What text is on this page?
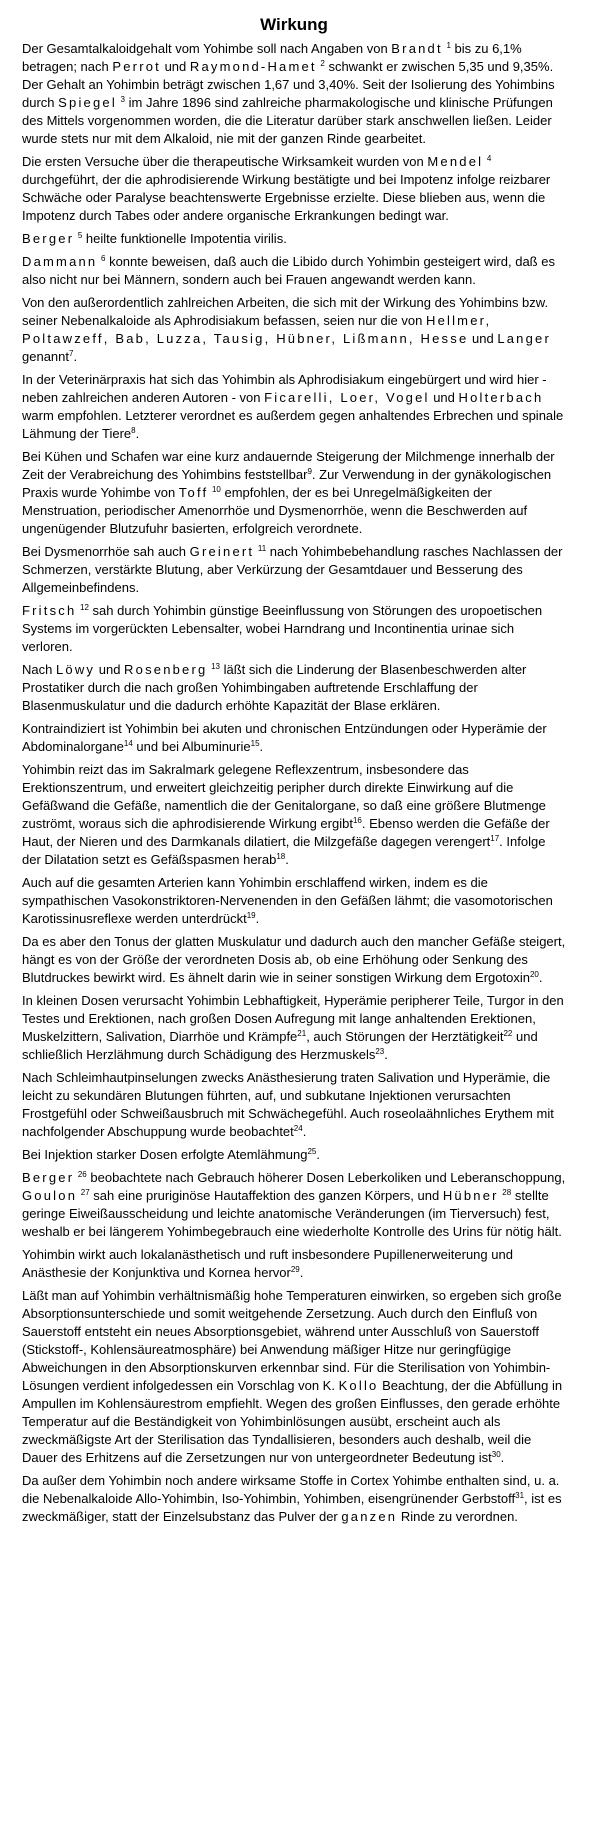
Wirkung

Der Gesamtalkaloidgehalt vom Yohimbe soll nach Angaben von Brandt $^1$ bis zu 6,1% betragen; nach Perrot und Raymond-Hamet $^2$ schwankt er zwischen 5,35 und 9,35%. Der Gehalt an Yohimbin beträgt zwischen 1,67 und 3,40%. Seit der Isolierung des Yohimbins durch Spiegel $^3$ im Jahre 1896 sind zahlreiche pharmakologische und klinische Prüfungen des Mittels vorgenommen worden, die die Literatur darüber stark anschwellen ließen. Leider wurde stets nur mit dem Alkaloid, nie mit der ganzen Rinde gearbeitet.

Die ersten Versuche über die therapeutische Wirksamkeit wurden von Mendel $^4$ durchgeführt, der die aphrodisierende Wirkung bestätigte und bei Impotenz infolge reizbarer Schwäche oder Paralyse beachtenswerte Ergebnisse erzielte. Diese blieben aus, wenn die Impotenz durch Tabes oder andere organische Erkrankungen bedingt war.

Berger $^5$ heilte funktionelle Impotentia virilis.

Dammann $^6$ konnte beweisen, daß auch die Libido durch Yohimbin gesteigert wird, daß es also nicht nur bei Männern, sondern auch bei Frauen angewandt werden kann.

Von den außerordentlich zahlreichen Arbeiten, die sich mit der Wirkung des Yohimbins bzw. seiner Nebenalkaloide als Aphrodisiakum befassen, seien nur die von Hellmer, Poltawzeff, Bab, Luzza, Tausig, Hübner, Lißmann, Hesse und Langer genannt$^7$.

In der Veterinärpraxis hat sich das Yohimbin als Aphrodisiakum eingebürgert und wird hier - neben zahlreichen anderen Autoren - von Ficarelli, Loer, Vogel und Holterbach warm empfohlen. Letzterer verordnet es außerdem gegen anhaltendes Erbrechen und spinale Lähmung der Tiere$^8$.

Bei Kühen und Schafen war eine kurz andauernde Steigerung der Milchmenge innerhalb der Zeit der Verabreichung des Yohimbins feststellbar$^9$. Zur Verwendung in der gynäkologischen Praxis wurde Yohimbe von Toff $^{10}$ empfohlen, der es bei Unregelmäßigkeiten der Menstruation, periodischer Amenorrhöe und Dysmenorrhöe, wenn die Beschwerden auf ungenügender Blutzufuhr basierten, erfolgreich verordnete.

Bei Dysmenorrhöe sah auch Greinert $^{11}$ nach Yohimbebehandlung rasches Nachlassen der Schmerzen, verstärkte Blutung, aber Verkürzung der Gesamtdauer und Besserung des Allgemeinbefindens.

Fritsch $^{12}$ sah durch Yohimbin günstige Beeinflussung von Störungen des uropoetischen Systems im vorgerückten Lebensalter, wobei Harndrang und Incontinentia urinae sich verloren.

Nach Löwy und Rosenberg $^{13}$ läßt sich die Linderung der Blasenbeschwerden alter Prostatiker durch die nach großen Yohimbingaben auftretende Erschlaffung der Blasenmuskulatur und die dadurch erhöhte Kapazität der Blase erklären.

Kontraindiziert ist Yohimbin bei akuten und chronischen Entzündungen oder Hyperämie der Abdominalorgane$^{14}$ und bei Albuminurie$^{15}$.

Yohimbin reizt das im Sakralmark gelegene Reflexzentrum, insbesondere das Erektionszentrum, und erweitert gleichzeitig peripher durch direkte Einwirkung auf die Gefäßwand die Gefäße, namentlich die der Genitalorgane, so daß eine größere Blutmenge zuströmt, woraus sich die aphrodisierende Wirkung ergibt$^{16}$. Ebenso werden die Gefäße der Haut, der Nieren und des Darmkanals dilatiert, die Milzgefäße dagegen verengert$^{17}$. Infolge der Dilatation setzt es Gefäßspasmen herab$^{18}$.

Auch auf die gesamten Arterien kann Yohimbin erschlaffend wirken, indem es die sympathischen Vasokonstriktoren-Nervenenden in den Gefäßen lähmt; die vasomotorischen Karotissinusreflexe werden unterdrückt$^{19}$.

Da es aber den Tonus der glatten Muskulatur und dadurch auch den mancher Gefäße steigert, hängt es von der Größe der verordneten Dosis ab, ob eine Erhöhung oder Senkung des Blutdruckes bewirkt wird. Es ähnelt darin wie in seiner sonstigen Wirkung dem Ergotoxin$^{20}$.

In kleinen Dosen verursacht Yohimbin Lebhaftigkeit, Hyperämie peripherer Teile, Turgor in den Testes und Erektionen, nach großen Dosen Aufregung mit lange anhaltenden Erektionen, Muskelzittern, Salivation, Diarrhöe und Krämpfe$^{21}$, auch Störungen der Herztätigkeit$^{22}$ und schließlich Herzlähmung durch Schädigung des Herzmuskels$^{23}$.

Nach Schleimhautpinselungen zwecks Anästhesierung traten Salivation und Hyperämie, die leicht zu sekundären Blutungen führten, auf, und subkutane Injektionen verursachten Frostgefühl oder Schweißausbruch mit Schwächegefühl. Auch roseolaähnliches Erythem mit nachfolgender Abschuppung wurde beobachtet$^{24}$.

Bei Injektion starker Dosen erfolgte Atemlähmung$^{25}$.

Berger $^{26}$ beobachtete nach Gebrauch höherer Dosen Leberkoliken und Leberanschoppung, Goulon $^{27}$ sah eine pruriginöse Hautaffektion des ganzen Körpers, und Hübner $^{28}$ stellte geringe Eiweißausscheidung und leichte anatomische Veränderungen (im Tierversuch) fest, weshalb er bei längerem Yohimbegebrauch eine wiederholte Kontrolle des Urins für nötig hält.

Yohimbin wirkt auch lokalanästhetisch und ruft insbesondere Pupillenerweiterung und Anästhesie der Konjunktiva und Kornea hervor$^{29}$.

Läßt man auf Yohimbin verhältnismäßig hohe Temperaturen einwirken, so ergeben sich große Absorptionsunterschiede und somit weitgehende Zersetzung. Auch durch den Einfluß von Sauerstoff entsteht ein neues Absorptionsgebiet, während unter Ausschluß von Sauerstoff (Stickstoff-, Kohlensäureatmosphäre) bei Anwendung mäßiger Hitze nur geringfügige Abweichungen in den Absorptionskurven erkennbar sind. Für die Sterilisation von Yohimbin-Lösungen verdient infolgedessen ein Vorschlag von K. Kollo Beachtung, der die Abfüllung in Ampullen im Kohlensäurestrom empfiehlt. Wegen des großen Einflusses, den gerade erhöhte Temperatur auf die Beständigkeit von Yohimbinlösungen ausübt, erscheint auch als zweckmäßigste Art der Sterilisation das Tyndallisieren, besonders auch deshalb, weil die Dauer des Erhitzens auf die Zersetzungen nur von untergeordneter Bedeutung ist$^{30}$.

Da außer dem Yohimbin noch andere wirksame Stoffe in Cortex Yohimbe enthalten sind, u. a. die Nebenalkaloide Allo-Yohimbin, Iso-Yohimbin, Yohimben, eisengrünender Gerbstoff$^{31}$, ist es zweckmäßiger, statt der Einzelsubstanz das Pulver der ganzen Rinde zu verordnen.
